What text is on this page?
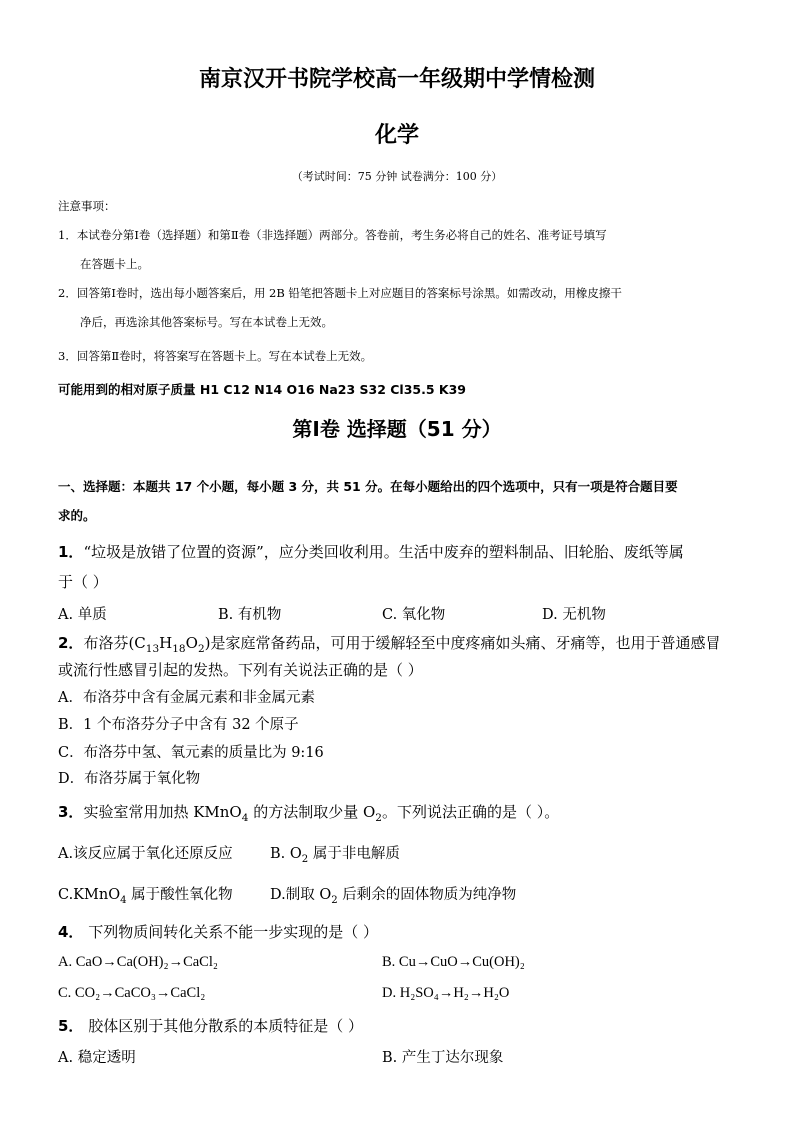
南京汉开书院学校高一年级期中学情检测
化学
（考试时间：75 分钟 试卷满分：100 分）
注意事项：
1．本试卷分第Ⅰ卷（选择题）和第Ⅱ卷（非选择题）两部分。答卷前，考生务必将自己的姓名、准考证号填写
在答题卡上。
2．回答第Ⅰ卷时，选出每小题答案后，用 2B 铅笔把答题卡上对应题目的答案标号涂黑。如需改动，用橡皮擦干
净后，再选涂其他答案标号。写在本试卷上无效。
3．回答第Ⅱ卷时，将答案写在答题卡上。写在本试卷上无效。
可能用到的相对原子质量 H1 C12 N14 O16 Na23 S32 Cl35.5 K39
第Ⅰ卷 选择题（51 分）
一、选择题：本题共 17 个小题，每小题 3 分，共 51 分。在每小题给出的四个选项中，只有一项是符合题目要
求的。
1．“垃圾是放错了位置的资源”，应分类回收利用。生活中废弃的塑料制品、旧轮胎、废纸等属
于（ ）
A. 单质	B. 有机物	C. 氧化物	D. 无机物
2．布洛芬$(C_{13}H_{18}O_2)$是家庭常备药品，可用于缓解轻至中度疼痛如头痛、牙痛等，也用于普通感冒
或流行性感冒引起的发热。下列有关说法正确的是（ ）
A．布洛芬中含有金属元素和非金属元素
B．1 个布洛芬分子中含有 32 个原子
C．布洛芬中氢、氧元素的质量比为 9:16
D．布洛芬属于氧化物
3．实验室常用加热 KMnO$_4$ 的方法制取少量 $O_2$。下列说法正确的是（ ）。
A.该反应属于氧化还原反应	B. $O_2$ 属于非电解质
C.KMnO$_4$ 属于酸性氧化物	D.制取 $O_2$ 后剩余的固体物质为纯净物
4． 下列物质间转化关系不能一步实现的是（ ）
A. CaO→Ca(OH)₂→CaCl₂	B. Cu→CuO→Cu(OH)₂
C. CO₂→CaCO₃→CaCl₂	D. H₂SO₄→H₂→H₂O
5． 胶体区别于其他分散系的本质特征是（ ）
A. 稳定透明	B. 产生丁达尔现象
